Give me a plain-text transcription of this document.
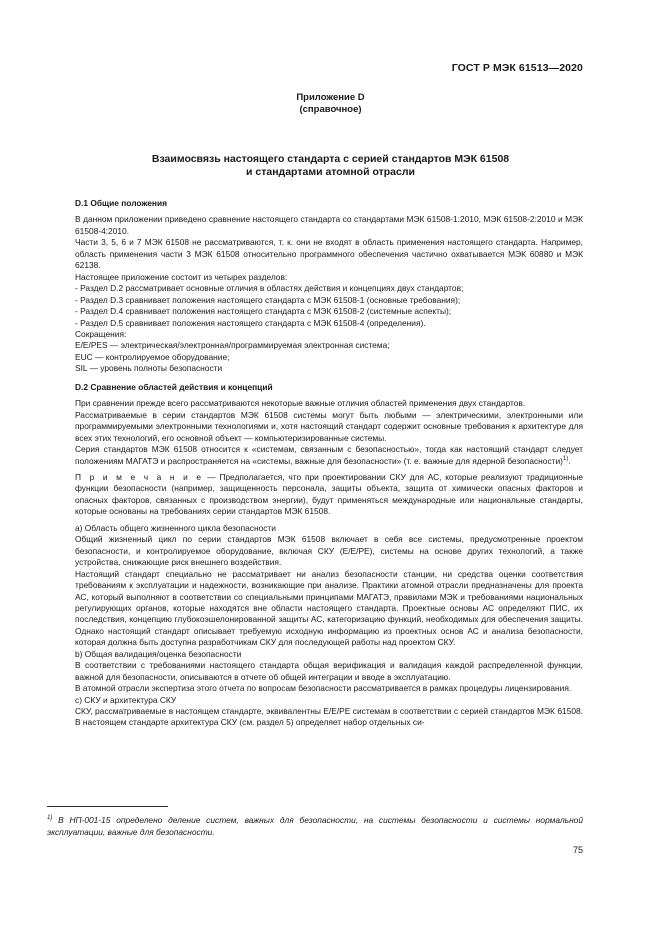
ГОСТ Р МЭК 61513—2020
Приложение D
(справочное)
Взаимосвязь настоящего стандарта с серией стандартов МЭК 61508
и стандартами атомной отрасли

D.1 Общие положения

В данном приложении приведено сравнение настоящего стандарта со стандартами МЭК 61508-1:2010, МЭК 61508-2:2010 и МЭК 61508-4:2010.

Части 3, 5, 6 и 7 МЭК 61508 не рассматриваются, т. к. они не входят в область применения настоящего стандарта. Например, область применения части 3 МЭК 61508 относительно программного обеспечения частично охватывается МЭК 60880 и МЭК 62138.

Настоящее приложение состоит из четырех разделов:

- Раздел D.2 рассматривает основные отличия в областях действия и концепциях двух стандартов;

- Раздел D.3 сравнивает положения настоящего стандарта с МЭК 61508-1 (основные требования);

- Раздел D.4 сравнивает положения настоящего стандарта с МЭК 61508-2 (системные аспекты);

- Раздел D.5 сравнивает положения настоящего стандарта с МЭК 61508-4 (определения).

Сокращения:

E/E/PES — электрическая/электронная/программируемая электронная система;

EUC — контролируемое оборудование;

SIL — уровень полноты безопасности

D.2 Сравнение областей действия и концепций

При сравнении прежде всего рассматриваются некоторые важные отличия областей применения двух стандартов.

Рассматриваемые в серии стандартов МЭК 61508 системы могут быть любыми — электрическими, электронными или программируемыми электронными технологиями и, хотя настоящий стандарт содержит основные требования к архитектуре для всех этих технологий, его основной объект — компьютеризированные системы.

Серия стандартов МЭК 61508 относится к «системам, связанным с безопасностью», тогда как настоящий стандарт следует положениям МАГАТЭ и распространяется на «системы, важные для безопасности» (т. е. важные для ядерной безопасности)$^{1)}$.

П р и м е ч а н и е — Предполагается, что при проектировании СКУ для АС, которые реализуют традиционные функции безопасности (например, защищенность персонала, защиты объекта, защита от химически опасных факторов и опасных факторов, связанных с производством энергии), будут применяться международные или национальные стандарты, которые основаны на требованиях серии стандартов МЭК 61508.

a) Область общего жизненного цикла безопасности

Общий жизненный цикл по серии стандартов МЭК 61508 включает в себя все системы, предусмотренные проектом безопасности, и контролируемое оборудование, включая СКУ (E/E/PE), системы на основе других технологий, а также устройства, снижающие риск внешнего воздействия.

Настоящий стандарт специально не рассматривает ни анализ безопасности станции, ни средства оценки соответствия требованиям к эксплуатации и надежности, возникающие при анализе. Практики атомной отрасли предназначены для проекта АС, который выполняют в соответствии со специальными принципами МАГАТЭ, правилами МЭК и требованиями национальных регулирующих органов, которые находятся вне области настоящего стандарта. Проектные основы АС определяют ПИС, их последствия, концепцию глубокоэшелонированной защиты АС, категоризацию функций, необходимых для обеспечения защиты. Однако настоящий стандарт описывает требуемую исходную информацию из проектных основ АС и анализа безопасности, которая должна быть доступна разработчикам СКУ для последующей работы над проектом СКУ.

b) Общая валидация/оценка безопасности

В соответствии с требованиями настоящего стандарта общая верификация и валидация каждой распределенной функции, важной для безопасности, описываются в отчете об общей интеграции и вводе в эксплуатацию.

В атомной отрасли экспертиза этого отчета по вопросам безопасности рассматривается в рамках процедуры лицензирования.

c) СКУ и архитектура СКУ

СКУ, рассматриваемые в настоящем стандарте, эквивалентны E/E/PE системам в соответствии с серией стандартов МЭК 61508. В настоящем стандарте архитектура СКУ (см. раздел 5) определяет набор отдельных си-

$^{1)}$ В НП-001-15 определено деление систем, важных для безопасности, на системы безопасности и системы нормальной эксплуатации, важные для безопасности.
75
